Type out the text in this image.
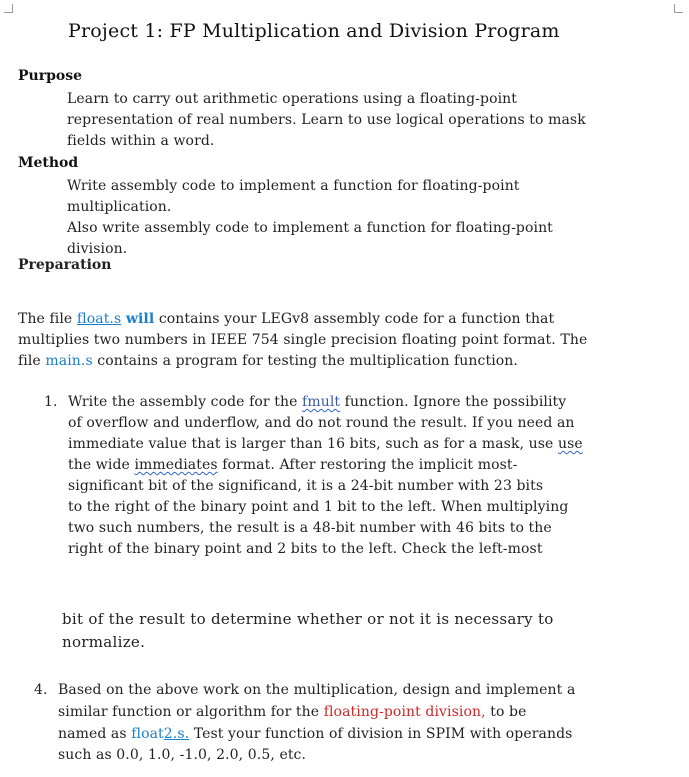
Project 1: FP Multiplication and Division Program
Purpose
Learn to carry out arithmetic operations using a floating-point
representation of real numbers. Learn to use logical operations to mask
fields within a word.
Method
Write assembly code to implement a function for floating-point
multiplication.
Also write assembly code to implement a function for floating-point
division.
Preparation
The file float.s will contains your LEGv8 assembly code for a function that
multiplies two numbers in IEEE 754 single precision floating point format. The
file main.s contains a program for testing the multiplication function.
1. Write the assembly code for the fmult function. Ignore the possibility
of overflow and underflow, and do not round the result. If you need an
immediate value that is larger than 16 bits, such as for a mask, use use
the wide immediates format. After restoring the implicit most-
significant bit of the significand, it is a 24-bit number with 23 bits
to the right of the binary point and 1 bit to the left. When multiplying
two such numbers, the result is a 48-bit number with 46 bits to the
right of the binary point and 2 bits to the left. Check the left-most
bit of the result to determine whether or not it is necessary to
normalize.
4. Based on the above work on the multiplication, design and implement a
similar function or algorithm for the floating-point division, to be
named as float2.s. Test your function of division in SPIM with operands
such as 0.0, 1.0, -1.0, 2.0, 0.5, etc.
